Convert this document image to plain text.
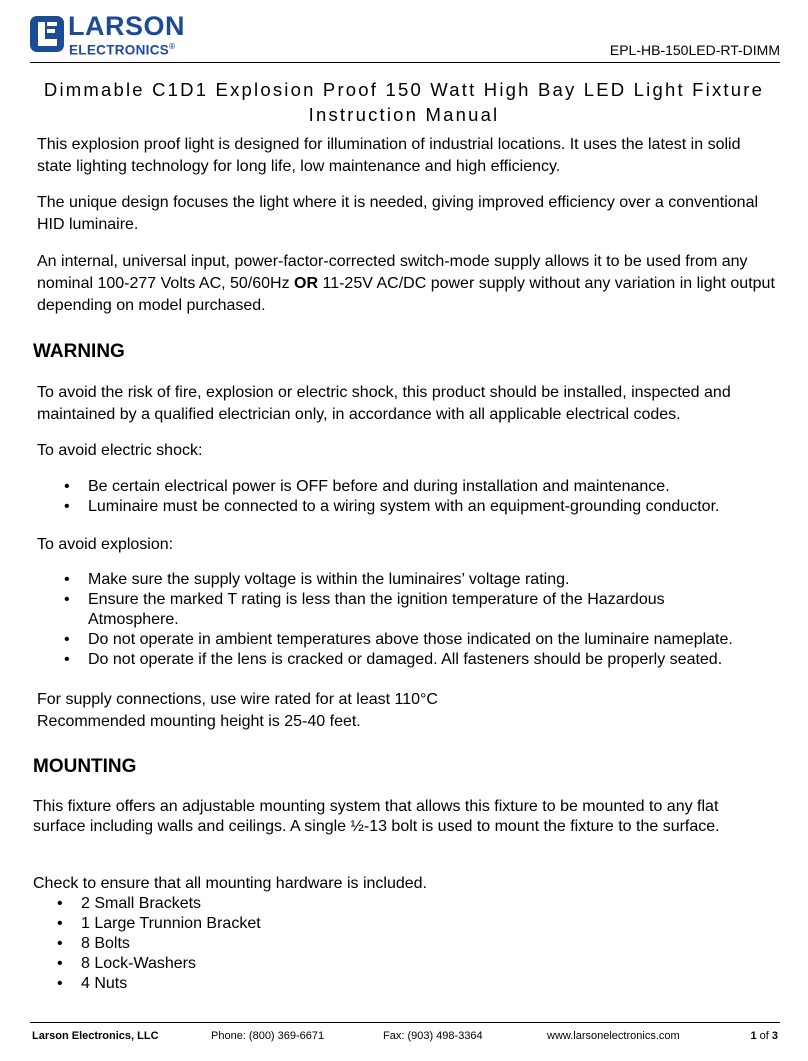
LARSON
ELECTRONICS®	EPL-HB-150LED-RT-DIMM
Dimmable C1D1 Explosion Proof 150 Watt High Bay LED Light Fixture
Instruction Manual
This explosion proof light is designed for illumination of industrial locations. It uses the latest in solid state lighting technology for long life, low maintenance and high efficiency.
The unique design focuses the light where it is needed, giving improved efficiency over a conventional HID luminaire.
An internal, universal input, power-factor-corrected switch-mode supply allows it to be used from any nominal 100-277 Volts AC, 50/60Hz OR 11-25V AC/DC power supply without any variation in light output depending on model purchased.
WARNING
To avoid the risk of fire, explosion or electric shock, this product should be installed, inspected and maintained by a qualified electrician only, in accordance with all applicable electrical codes.
To avoid electric shock:
• Be certain electrical power is OFF before and during installation and maintenance.
• Luminaire must be connected to a wiring system with an equipment-grounding conductor.
To avoid explosion:
• Make sure the supply voltage is within the luminaires’ voltage rating.
• Ensure the marked T rating is less than the ignition temperature of the Hazardous Atmosphere.
• Do not operate in ambient temperatures above those indicated on the luminaire nameplate.
• Do not operate if the lens is cracked or damaged. All fasteners should be properly seated.
For supply connections, use wire rated for at least 110°C
Recommended mounting height is 25-40 feet.
MOUNTING
This fixture offers an adjustable mounting system that allows this fixture to be mounted to any flat surface including walls and ceilings. A single ½-13 bolt is used to mount the fixture to the surface.
Check to ensure that all mounting hardware is included.
• 2 Small Brackets
• 1 Large Trunnion Bracket
• 8 Bolts
• 8 Lock-Washers
• 4 Nuts
Larson Electronics, LLC	Phone: (800) 369-6671	Fax: (903) 498-3364	www.larsonelectronics.com	1 of 3
